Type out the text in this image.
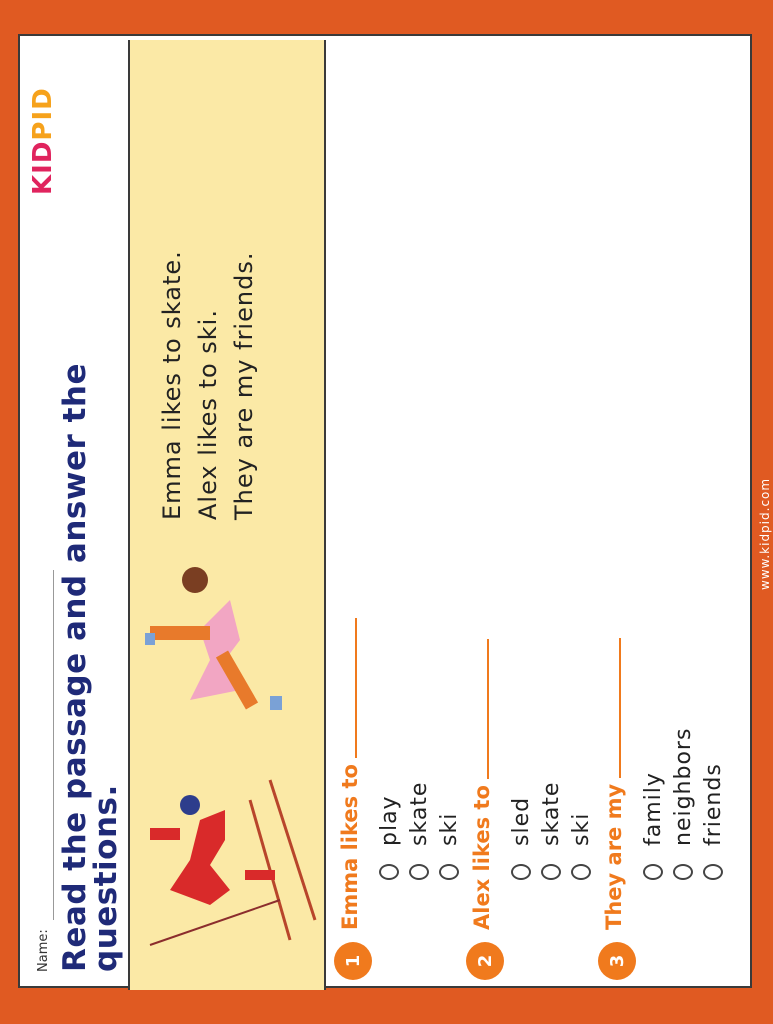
Name: Read the passage and answer the questions.
KIDPID
Emma likes to skate. Alex likes to ski. They are my friends.
1
Emma likes to play skate ski
2
Alex likes to sled skate ski
3
They are my family neighbors friends
www.kidpid.com
